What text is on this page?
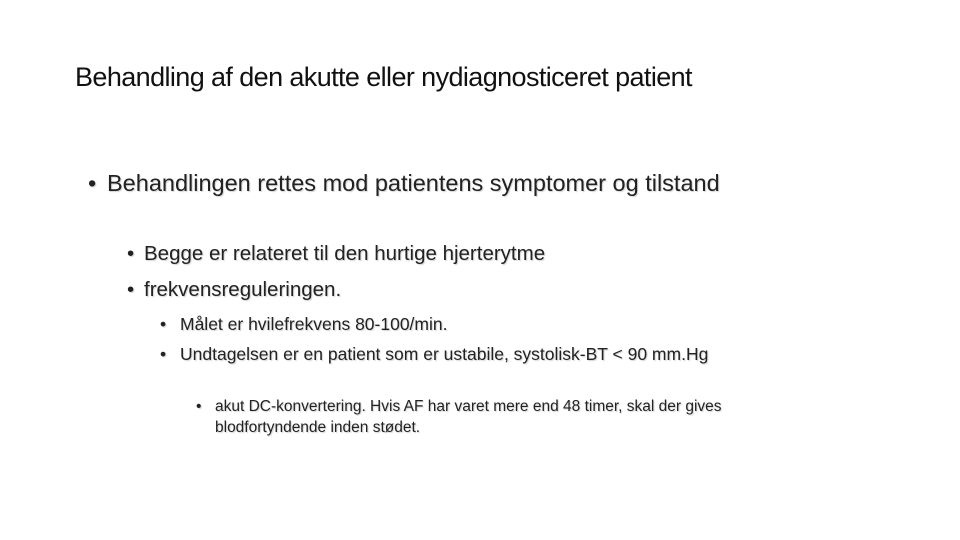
Behandling af den akutte eller nydiagnosticeret patient
• Behandlingen rettes mod patientens symptomer og tilstand
• Begge er relateret til den hurtige hjerterytme
• frekvensreguleringen.
• Målet er hvilefrekvens 80-100/min.
• Undtagelsen er en patient som er ustabile, systolisk-BT < 90 mm.Hg
• akut DC-konvertering. Hvis AF har varet mere end 48 timer, skal der gives blodfortyndende inden stødet.
